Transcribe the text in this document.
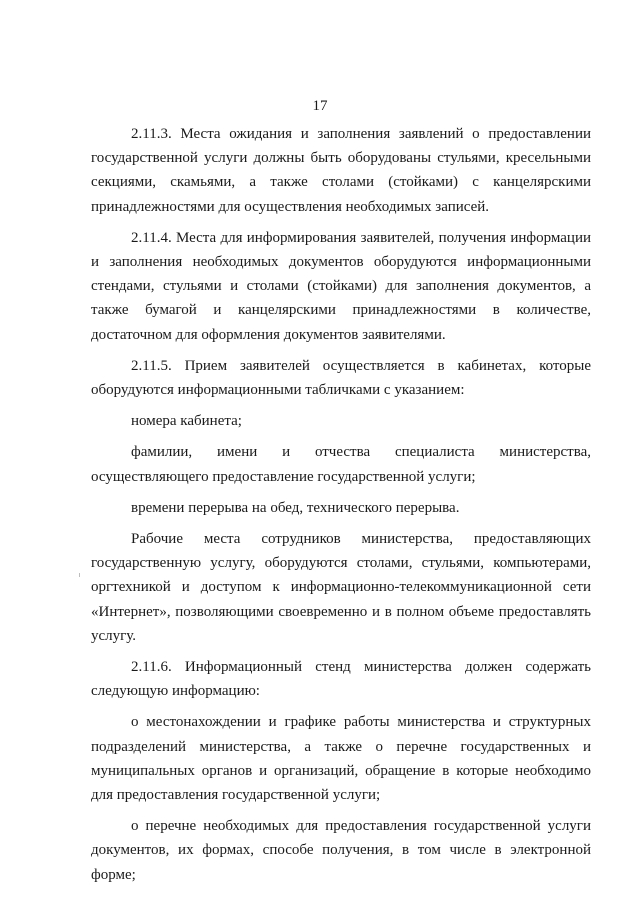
17

2.11.3. Места ожидания и заполнения заявлений о предоставлении государственной услуги должны быть оборудованы стульями, кресельными секциями, скамьями, а также столами (стойками) с канцелярскими принадлежностями для осуществления необходимых записей.

2.11.4. Места для информирования заявителей, получения информации и заполнения необходимых документов оборудуются информационными стендами, стульями и столами (стойками) для заполнения документов, а также бумагой и канцелярскими принадлежностями в количестве, достаточном для оформления документов заявителями.

2.11.5. Прием заявителей осуществляется в кабинетах, которые оборудуются информационными табличками с указанием:

номера кабинета;

фамилии, имени и отчества специалиста министерства, осуществляющего предоставление государственной услуги;

времени перерыва на обед, технического перерыва.

Рабочие места сотрудников министерства, предоставляющих государственную услугу, оборудуются столами, стульями, компьютерами, оргтехникой и доступом к информационно-телекоммуникационной сети «Интернет», позволяющими своевременно и в полном объеме предоставлять услугу.

2.11.6. Информационный стенд министерства должен содержать следующую информацию:

о местонахождении и графике работы министерства и структурных подразделений министерства, а также о перечне государственных и муниципальных органов и организаций, обращение в которые необходимо для предоставления государственной услуги;

о перечне необходимых для предоставления государственной услуги документов, их формах, способе получения, в том числе в электронной форме;
